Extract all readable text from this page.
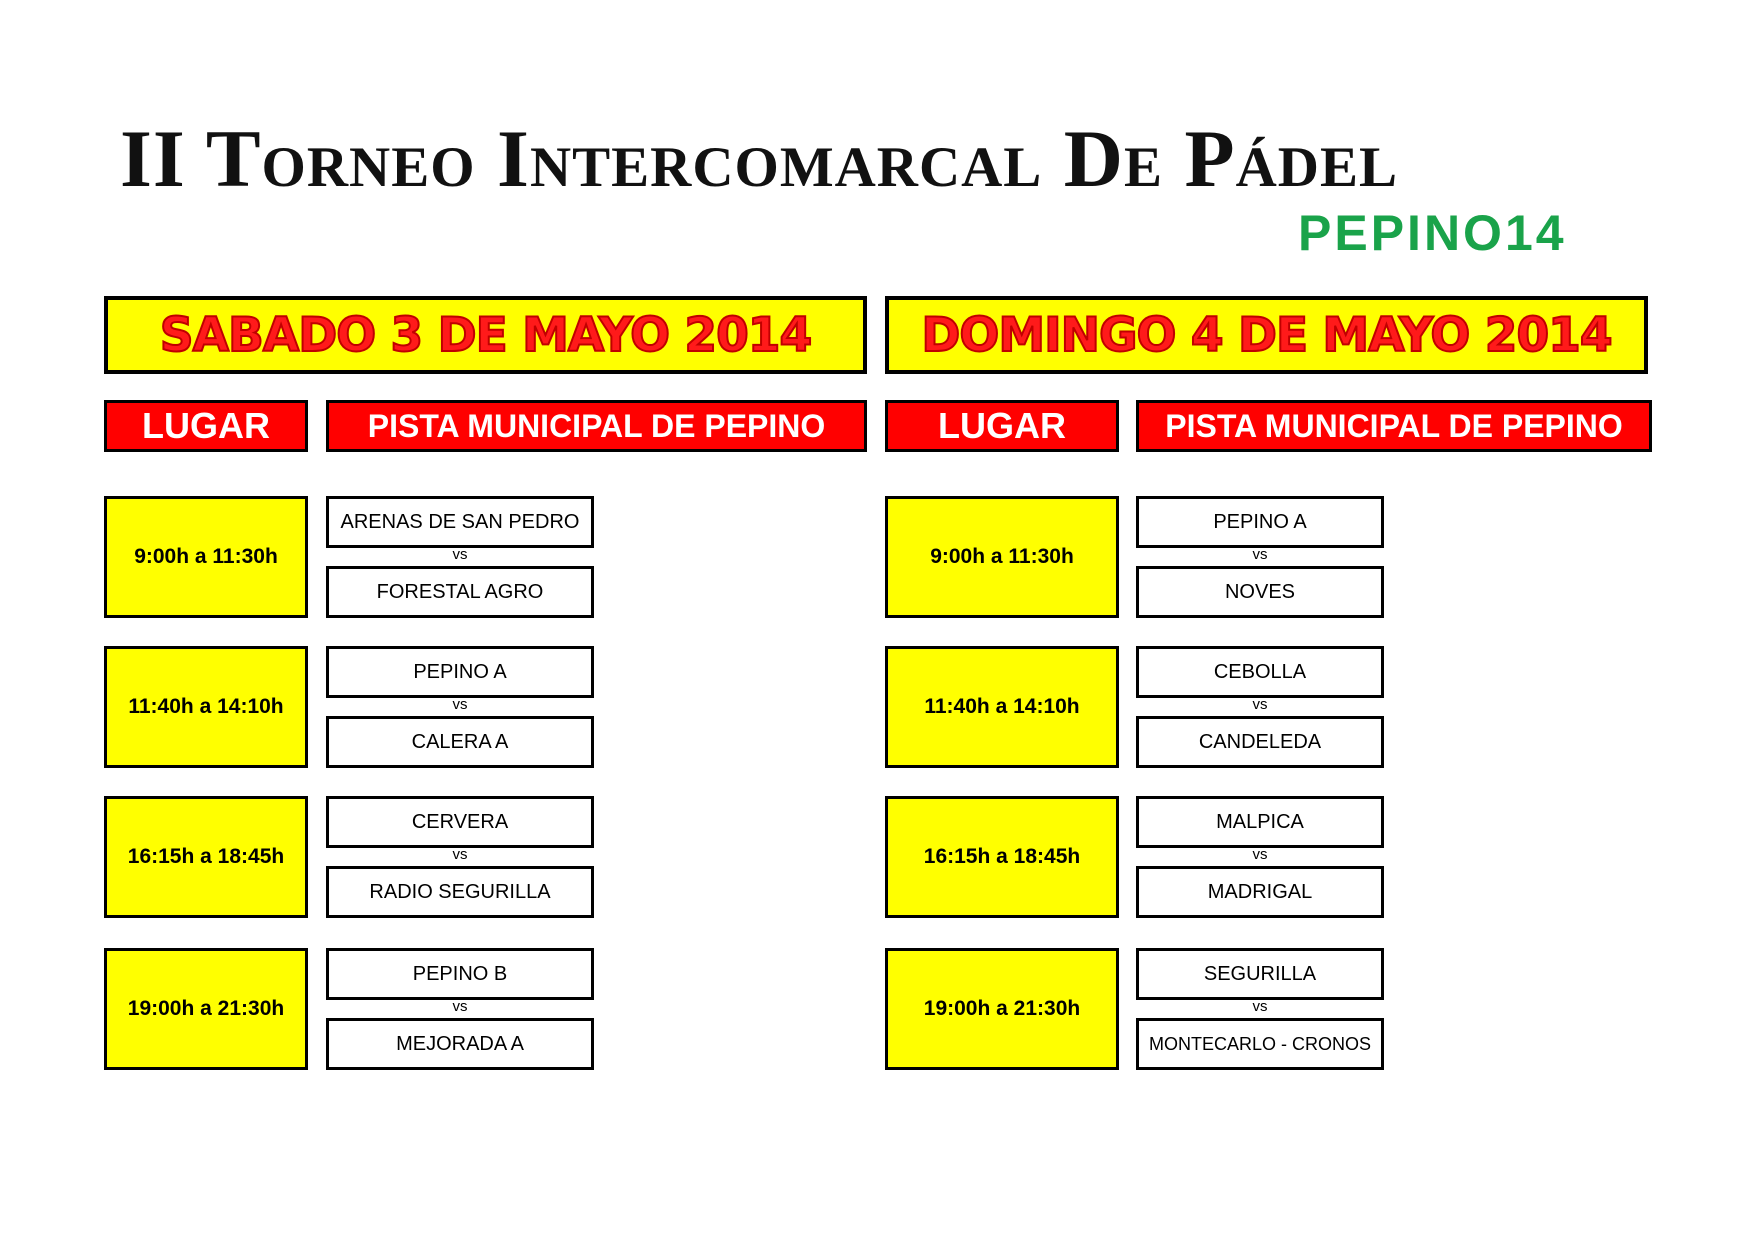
II Torneo Intercomarcal De Pádel
PEPINO14
SABADO 3 DE MAYO 2014
LUGAR	PISTA MUNICIPAL DE PEPINO
9:00h a 11:30h
ARENAS DE SAN PEDRO
vs
FORESTAL AGRO
11:40h a 14:10h
PEPINO A
vs
CALERA A
16:15h a 18:45h
CERVERA
vs
RADIO SEGURILLA
19:00h a 21:30h
PEPINO B
vs
MEJORADA A
DOMINGO 4 DE MAYO 2014
LUGAR	PISTA MUNICIPAL DE PEPINO
9:00h a 11:30h
PEPINO A
vs
NOVES
11:40h a 14:10h
CEBOLLA
vs
CANDELEDA
16:15h a 18:45h
MALPICA
vs
MADRIGAL
19:00h a 21:30h
SEGURILLA
vs
MONTECARLO - CRONOS
